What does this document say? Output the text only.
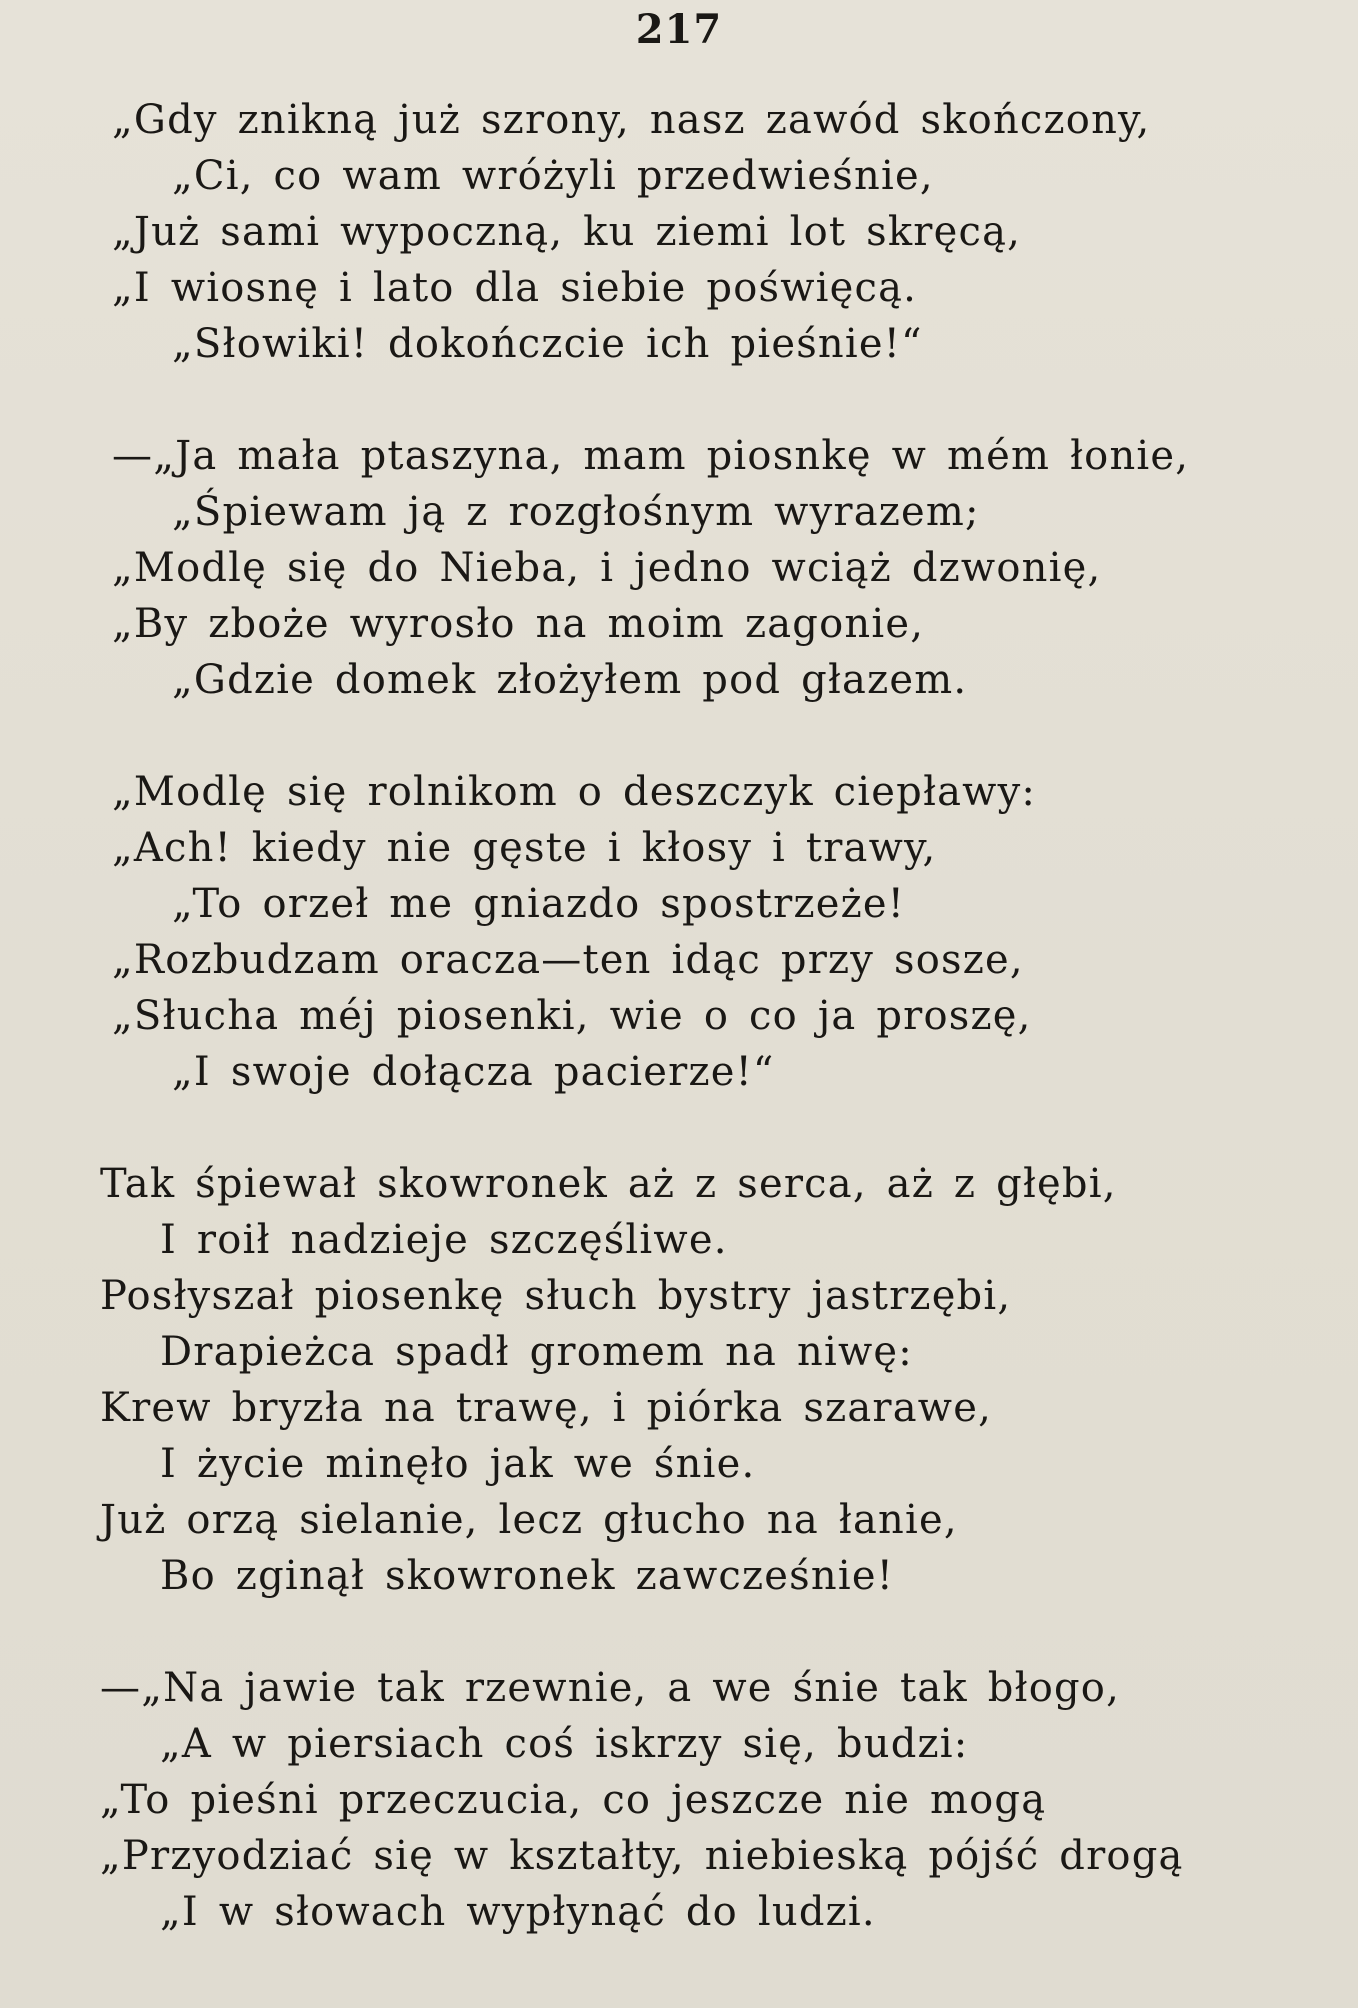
217
„Gdy znikną już szrony, nasz zawód skończony,
„Ci, co wam wróżyli przedwieśnie,
„Już sami wypoczną, ku ziemi lot skręcą,
„I wiosnę i lato dla siebie poświęcą.
„Słowiki! dokończcie ich pieśnie!“
—„Ja mała ptaszyna, mam piosnkę w mém łonie,
„Śpiewam ją z rozgłośnym wyrazem;
„Modlę się do Nieba, i jedno wciąż dzwonię,
„By zboże wyrosło na moim zagonie,
„Gdzie domek złożyłem pod głazem.
„Modlę się rolnikom o deszczyk ciepławy:
„Ach! kiedy nie gęste i kłosy i trawy,
„To orzeł me gniazdo spostrzeże!
„Rozbudzam oracza—ten idąc przy sosze,
„Słucha méj piosenki, wie o co ja proszę,
„I swoje dołącza pacierze!“
Tak śpiewał skowronek aż z serca, aż z głębi,
I roił nadzieje szczęśliwe.
Posłyszał piosenkę słuch bystry jastrzębi,
Drapieżca spadł gromem na niwę:
Krew bryzła na trawę, i piórka szarawe,
I życie minęło jak we śnie.
Już orzą sielanie, lecz głucho na łanie,
Bo zginął skowronek zawcześnie!
—„Na jawie tak rzewnie, a we śnie tak błogo,
„A w piersiach coś iskrzy się, budzi:
„To pieśni przeczucia, co jeszcze nie mogą
„Przyodziać się w kształty, niebieską pójść drogą
„I w słowach wypłynąć do ludzi.
